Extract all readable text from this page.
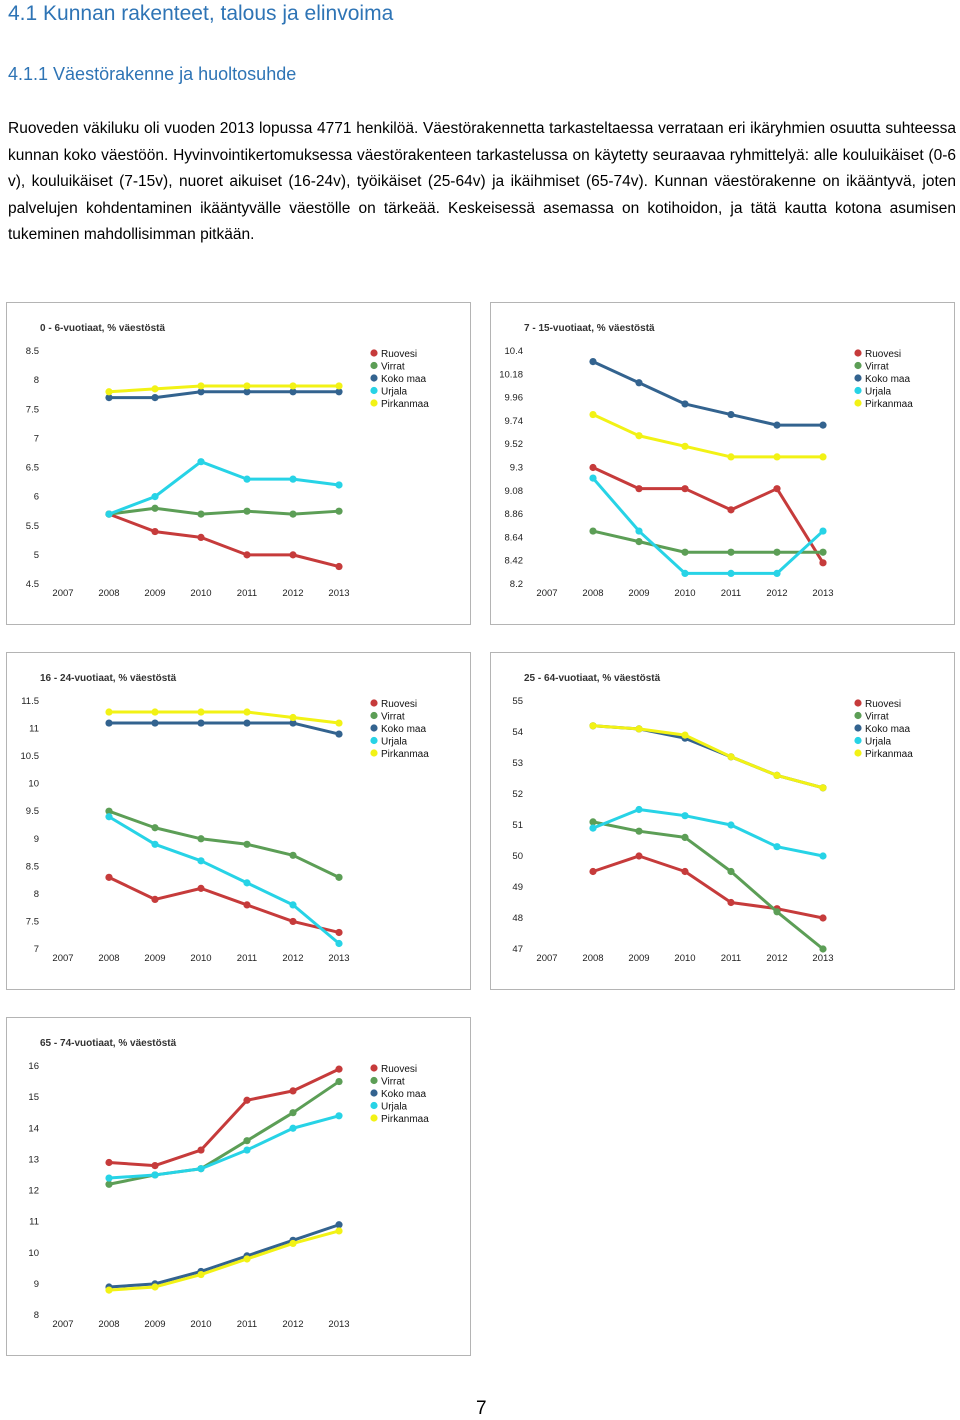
4.1 Kunnan rakenteet, talous ja elinvoima
4.1.1 Väestörakenne ja huoltosuhde
Ruoveden väkiluku oli vuoden 2013 lopussa 4771 henkilöä. Väestörakennetta tarkasteltaessa verrataan eri ikäryhmien osuutta suhteessa kunnan koko väestöön. Hyvinvointikertomuksessa väestörakenteen tarkastelussa on käytetty seuraavaa ryhmittelyä: alle kouluikäiset (0-6 v), kouluikäiset (7-15v), nuoret aikuiset (16-24v), työikäiset (25-64v) ja ikäihmiset (65-74v). Kunnan väestörakenne on ikääntyvä, joten palvelujen kohdentaminen ikääntyvälle väestölle on tärkeää. Keskeisessä asemassa on kotihoidon, ja tätä kautta kotona asumisen tukeminen mahdollisimman pitkään.
0 - 6-vuotiaat, % väestöstä
8.5
8
7.5
7
6.5
6
5.5
5
4.5
2007	2008	2009	2010	2011	2012	2013
Ruovesi
Virrat
Koko maa
Urjala
Pirkanmaa
7 - 15-vuotiaat, % väestöstä
10.4
10.18
9.96
9.74
9.52
9.3
9.08
8.86
8.64
8.42
8.2
2007	2008	2009	2010	2011	2012	2013
Ruovesi
Virrat
Koko maa
Urjala
Pirkanmaa
16 - 24-vuotiaat, % väestöstä
11.5
11
10.5
10
9.5
9
8.5
8
7.5
7
2007	2008	2009	2010	2011	2012	2013
Ruovesi
Virrat
Koko maa
Urjala
Pirkanmaa
25 - 64-vuotiaat, % väestöstä
55
54
53
52
51
50
49
48
47
2007	2008	2009	2010	2011	2012	2013
Ruovesi
Virrat
Koko maa
Urjala
Pirkanmaa
65 - 74-vuotiaat, % väestöstä
16
15
14
13
12
11
10
9
8
2007	2008	2009	2010	2011	2012	2013
Ruovesi
Virrat
Koko maa
Urjala
Pirkanmaa
7
